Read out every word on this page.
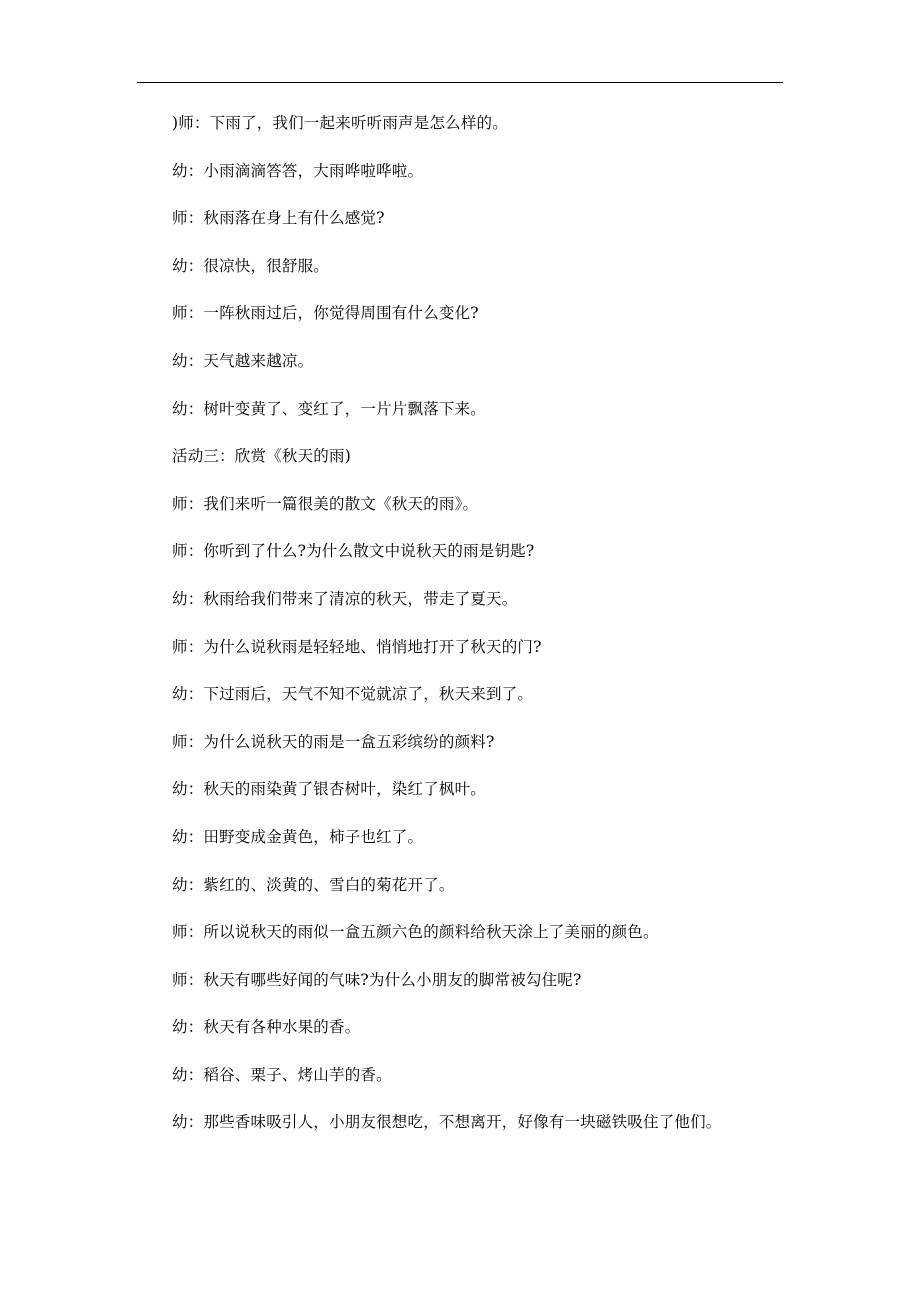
)师：下雨了，我们一起来听听雨声是怎么样的。
幼：小雨滴滴答答，大雨哗啦哗啦。
师：秋雨落在身上有什么感觉?
幼：很凉快，很舒服。
师：一阵秋雨过后，你觉得周围有什么变化?
幼：天气越来越凉。
幼：树叶变黄了、变红了，一片片飘落下来。
活动三：欣赏《秋天的雨)
师：我们来听一篇很美的散文《秋天的雨》。
师：你听到了什么?为什么散文中说秋天的雨是钥匙?
幼：秋雨给我们带来了清凉的秋天，带走了夏天。
师：为什么说秋雨是轻轻地、悄悄地打开了秋天的门?
幼：下过雨后，天气不知不觉就凉了，秋天来到了。
师：为什么说秋天的雨是一盒五彩缤纷的颜料?
幼：秋天的雨染黄了银杏树叶，染红了枫叶。
幼：田野变成金黄色，柿子也红了。
幼：紫红的、淡黄的、雪白的菊花开了。
师：所以说秋天的雨似一盒五颜六色的颜料给秋天涂上了美丽的颜色。
师：秋天有哪些好闻的气味?为什么小朋友的脚常被勾住呢?
幼：秋天有各种水果的香。
幼：稻谷、栗子、烤山芋的香。
幼：那些香味吸引人，小朋友很想吃，不想离开，好像有一块磁铁吸住了他们。
